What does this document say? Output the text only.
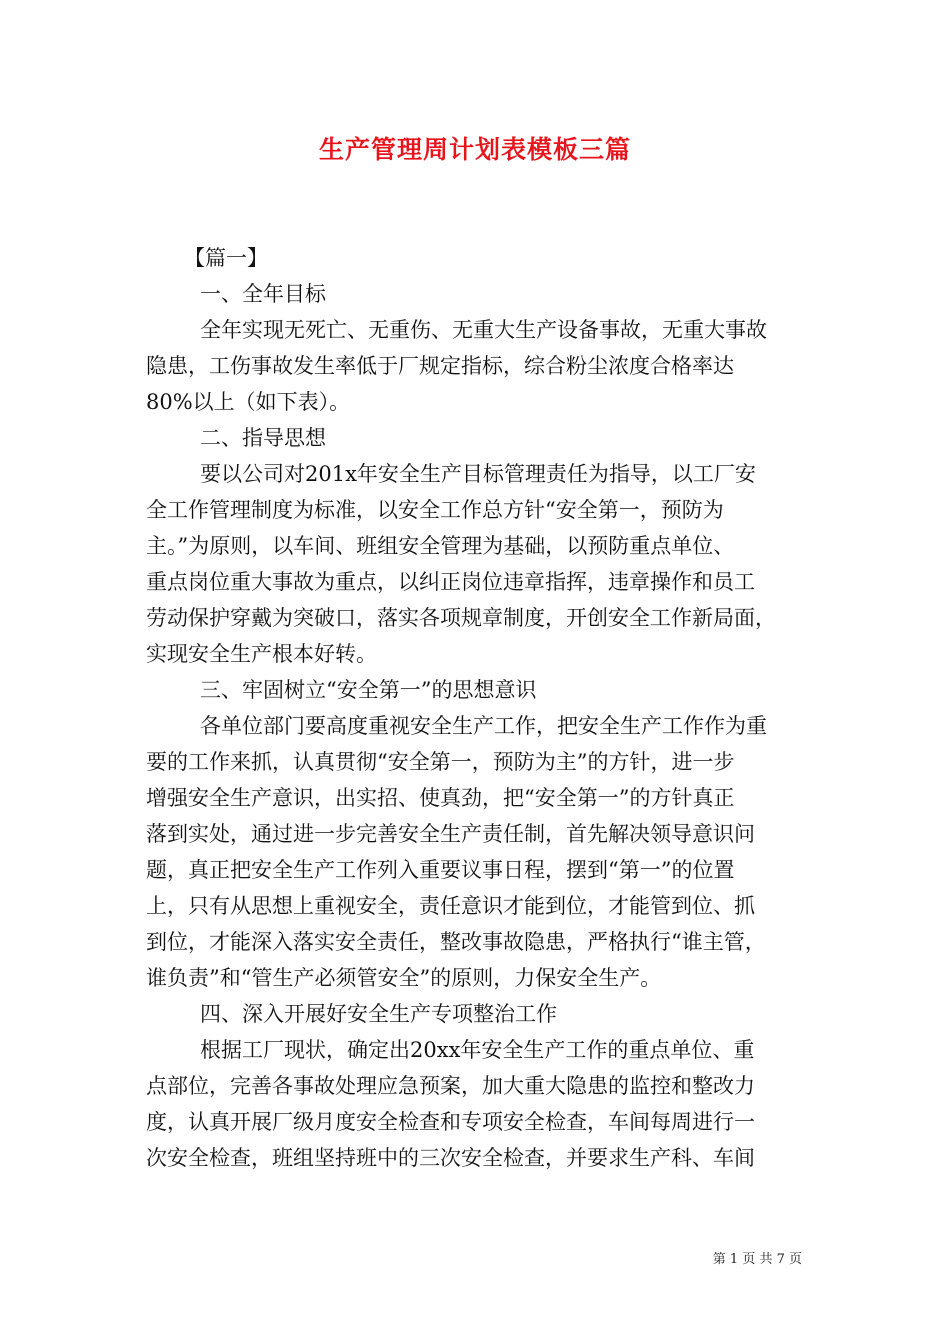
生产管理周计划表模板三篇
【篇一】
一、全年目标
全年实现无死亡、无重伤、无重大生产设备事故，无重大事故
隐患，工伤事故发生率低于厂规定指标，综合粉尘浓度合格率达
80%以上（如下表）。
二、指导思想
要以公司对201x年安全生产目标管理责任为指导，以工厂安
全工作管理制度为标准，以安全工作总方针“安全第一，预防为
主。”为原则，以车间、班组安全管理为基础，以预防重点单位、
重点岗位重大事故为重点，以纠正岗位违章指挥，违章操作和员工
劳动保护穿戴为突破口，落实各项规章制度，开创安全工作新局面，
实现安全生产根本好转。
三、牢固树立“安全第一”的思想意识
各单位部门要高度重视安全生产工作，把安全生产工作作为重
要的工作来抓，认真贯彻“安全第一，预防为主”的方针，进一步
增强安全生产意识，出实招、使真劲，把“安全第一”的方针真正
落到实处，通过进一步完善安全生产责任制，首先解决领导意识问
题，真正把安全生产工作列入重要议事日程，摆到“第一”的位置
上，只有从思想上重视安全，责任意识才能到位，才能管到位、抓
到位，才能深入落实安全责任，整改事故隐患，严格执行“谁主管，
谁负责”和“管生产必须管安全”的原则，力保安全生产。
四、深入开展好安全生产专项整治工作
根据工厂现状，确定出20xx年安全生产工作的重点单位、重
点部位，完善各事故处理应急预案，加大重大隐患的监控和整改力
度，认真开展厂级月度安全检查和专项安全检查，车间每周进行一
次安全检查，班组坚持班中的三次安全检查，并要求生产科、车间
第 1 页 共 7 页
